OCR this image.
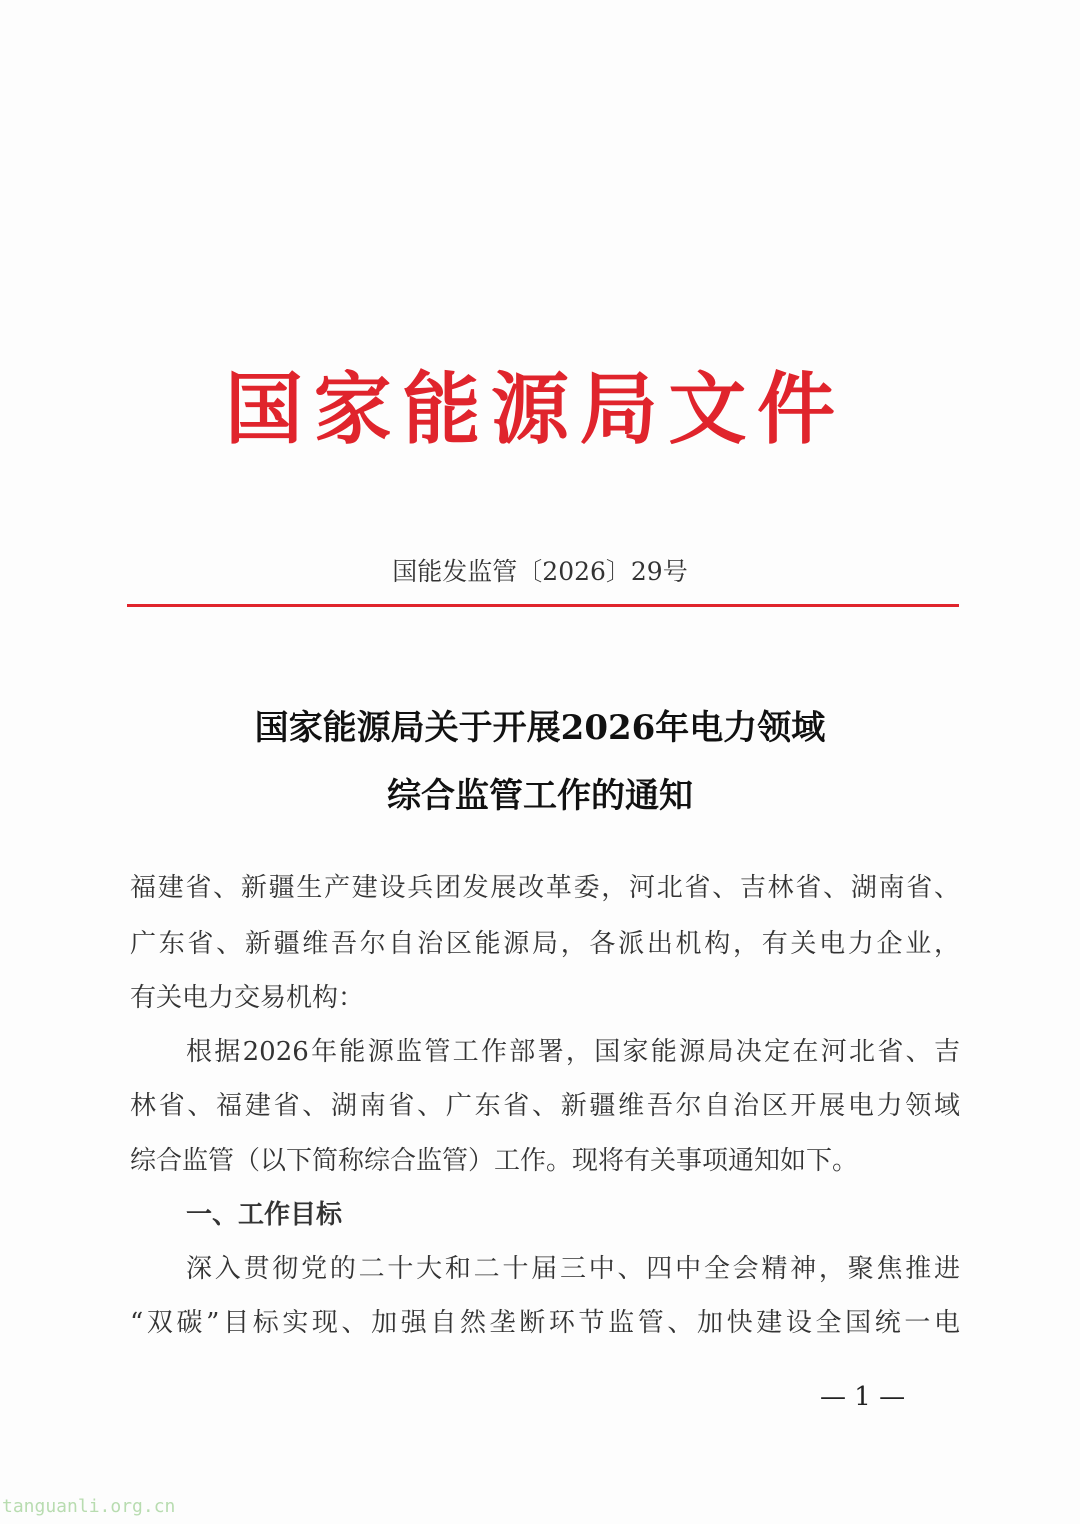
国家能源局文件
国能发监管〔2026〕29号
国家能源局关于开展2026年电力领域
综合监管工作的通知
福建省、新疆生产建设兵团发展改革委，河北省、吉林省、湖南省、
广东省、新疆维吾尔自治区能源局，各派出机构，有关电力企业，
有关电力交易机构：
根据2026年能源监管工作部署，国家能源局决定在河北省、吉
林省、福建省、湖南省、广东省、新疆维吾尔自治区开展电力领域
综合监管（以下简称综合监管）工作。现将有关事项通知如下。
一、工作目标
深入贯彻党的二十大和二十届三中、四中全会精神，聚焦推进
“双碳”目标实现、加强自然垄断环节监管、加快建设全国统一电
— 1 —
tanguanli.org.cn
